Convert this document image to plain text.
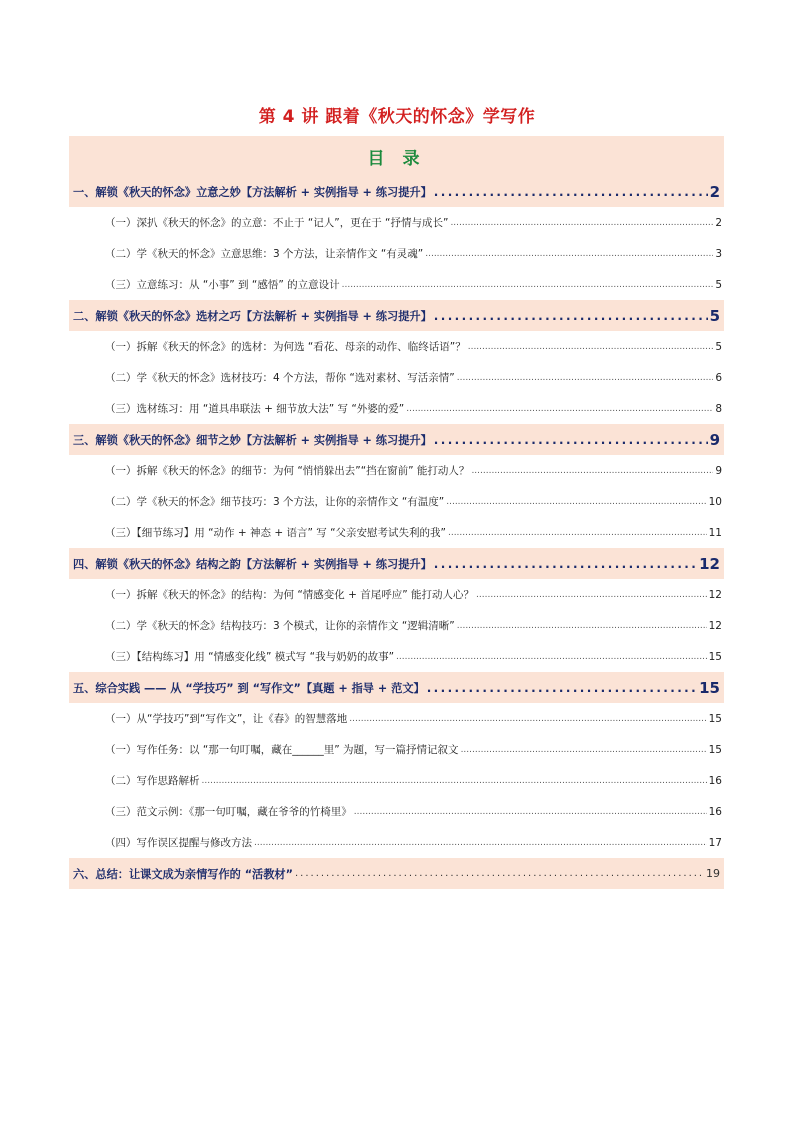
第 4 讲 跟着《秋天的怀念》学写作
目 录
一、解锁《秋天的怀念》立意之妙【方法解析 + 实例指导 + 练习提升】 .....	2
（一）深扒《秋天的怀念》的立意：不止于 “记人”，更在于 “抒情与成长” .....	2
（二）学《秋天的怀念》立意思维：3 个方法，让亲情作文 “有灵魂” .....	3
（三）立意练习：从 “小事” 到 “感悟” 的立意设计 .....	5
二、解锁《秋天的怀念》选材之巧【方法解析 + 实例指导 + 练习提升】 .....	5
（一）拆解《秋天的怀念》的选材：为何选 “看花、母亲的动作、临终话语”？ .....	5
（二）学《秋天的怀念》选材技巧：4 个方法，帮你 “选对素材、写活亲情” .....	6
（三）选材练习：用 “道具串联法 + 细节放大法” 写 “外婆的爱” .....	8
三、解锁《秋天的怀念》细节之妙【方法解析 + 实例指导 + 练习提升】 .....	9
（一）拆解《秋天的怀念》的细节：为何 “悄悄躲出去”“挡在窗前” 能打动人？ .....	9
（二）学《秋天的怀念》细节技巧：3 个方法，让你的亲情作文 “有温度” .....	10
（三）【细节练习】用 “动作 + 神态 + 语言” 写 “父亲安慰考试失利的我” .....	11
四、解锁《秋天的怀念》结构之韵【方法解析 + 实例指导 + 练习提升】 .....	12
（一）拆解《秋天的怀念》的结构：为何 “情感变化 + 首尾呼应” 能打动人心？ .....	12
（二）学《秋天的怀念》结构技巧：3 个模式，让你的亲情作文 “逻辑清晰” .....	12
（三）【结构练习】用 “情感变化线” 模式写 “我与奶奶的故事” .....	15
五、综合实践 —— 从 “学技巧” 到 “写作文”【真题 + 指导 + 范文】 .....	15
（一）从“学技巧”到“写作文”，让《春》的智慧落地 .....	15
（一）写作任务：以 “那一句叮嘱，藏在______里” 为题，写一篇抒情记叙文 .....	15
（二）写作思路解析 .....	16
（三）范文示例：《那一句叮嘱，藏在爷爷的竹椅里》 .....	16
（四）写作误区提醒与修改方法 .....	17
六、总结：让课文成为亲情写作的 “活教材” .....	19
